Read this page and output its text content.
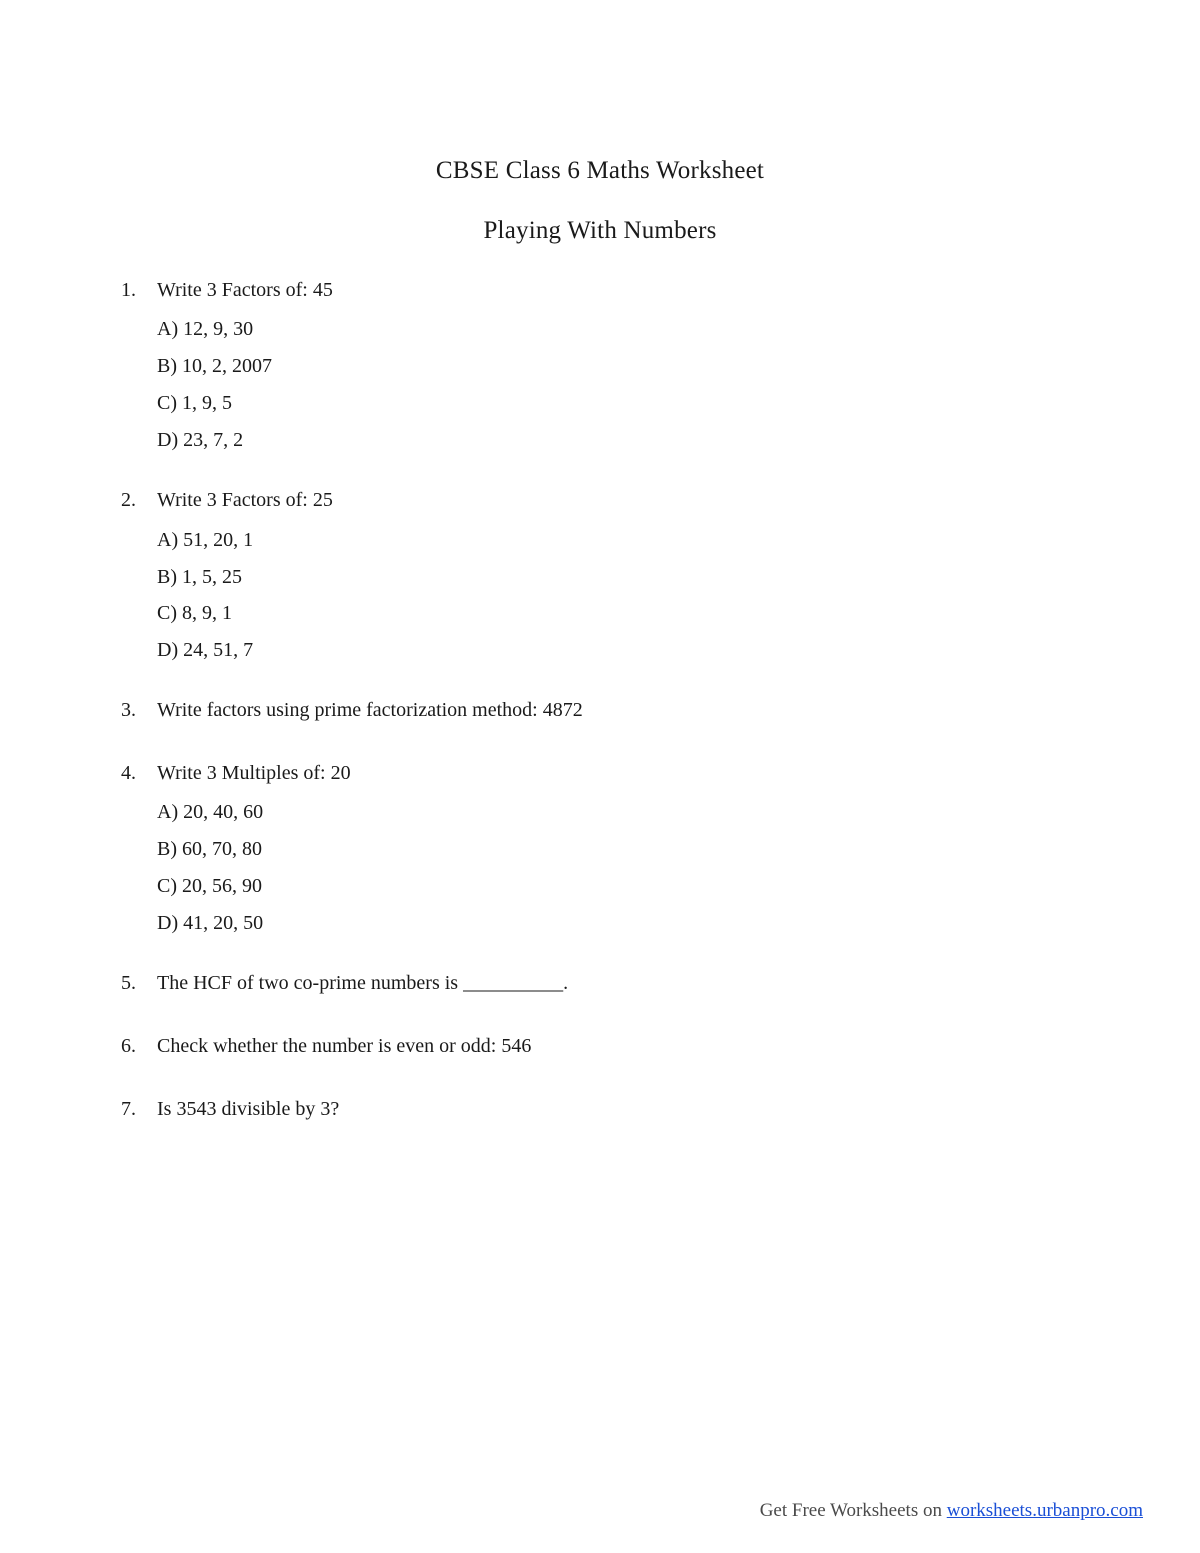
CBSE Class 6 Maths Worksheet
Playing With Numbers
1.	Write 3 Factors of: 45
A) 12, 9, 30
B) 10, 2, 2007
C) 1, 9, 5
D) 23, 7, 2
2.	Write 3 Factors of: 25
A) 51, 20, 1
B) 1, 5, 25
C) 8, 9, 1
D) 24, 51, 7
3.	Write factors using prime factorization method: 4872
4.	Write 3 Multiples of: 20
A) 20, 40, 60
B) 60, 70, 80
C) 20, 56, 90
D) 41, 20, 50
5.	The HCF of two co-prime numbers is __________.
6.	Check whether the number is even or odd: 546
7.	Is 3543 divisible by 3?
Get Free Worksheets on worksheets.urbanpro.com
